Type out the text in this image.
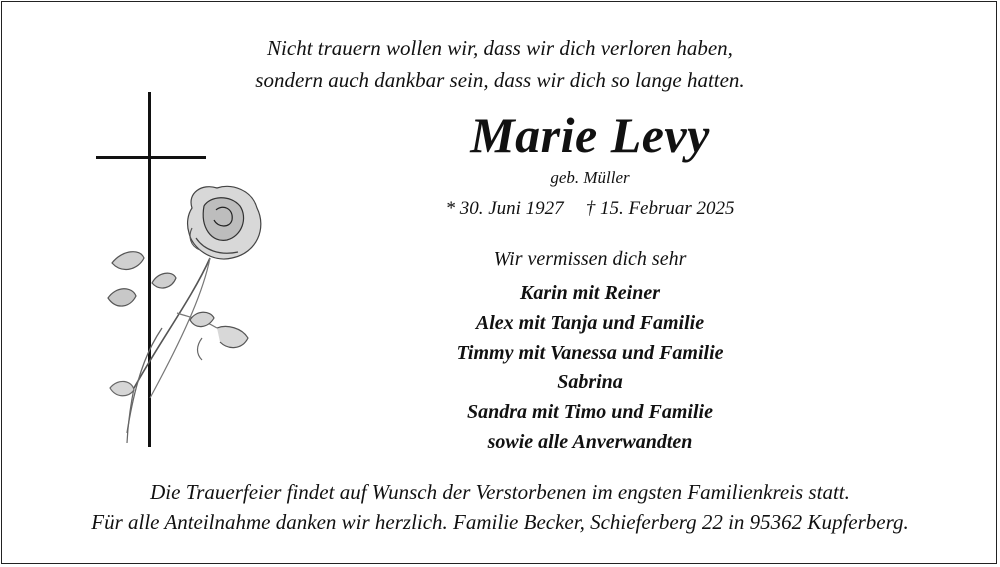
Nicht trauern wollen wir, dass wir dich verloren haben,
sondern auch dankbar sein, dass wir dich so lange hatten.
Marie Levy
geb. Müller
* 30. Juni 1927 † 15. Februar 2025
Wir vermissen dich sehr
Karin mit Reiner
Alex mit Tanja und Familie
Timmy mit Vanessa und Familie
Sabrina
Sandra mit Timo und Familie
sowie alle Anverwandten
Die Trauerfeier findet auf Wunsch der Verstorbenen im engsten Familienkreis statt.
Für alle Anteilnahme danken wir herzlich. Familie Becker, Schieferberg 22 in 95362 Kupferberg.
